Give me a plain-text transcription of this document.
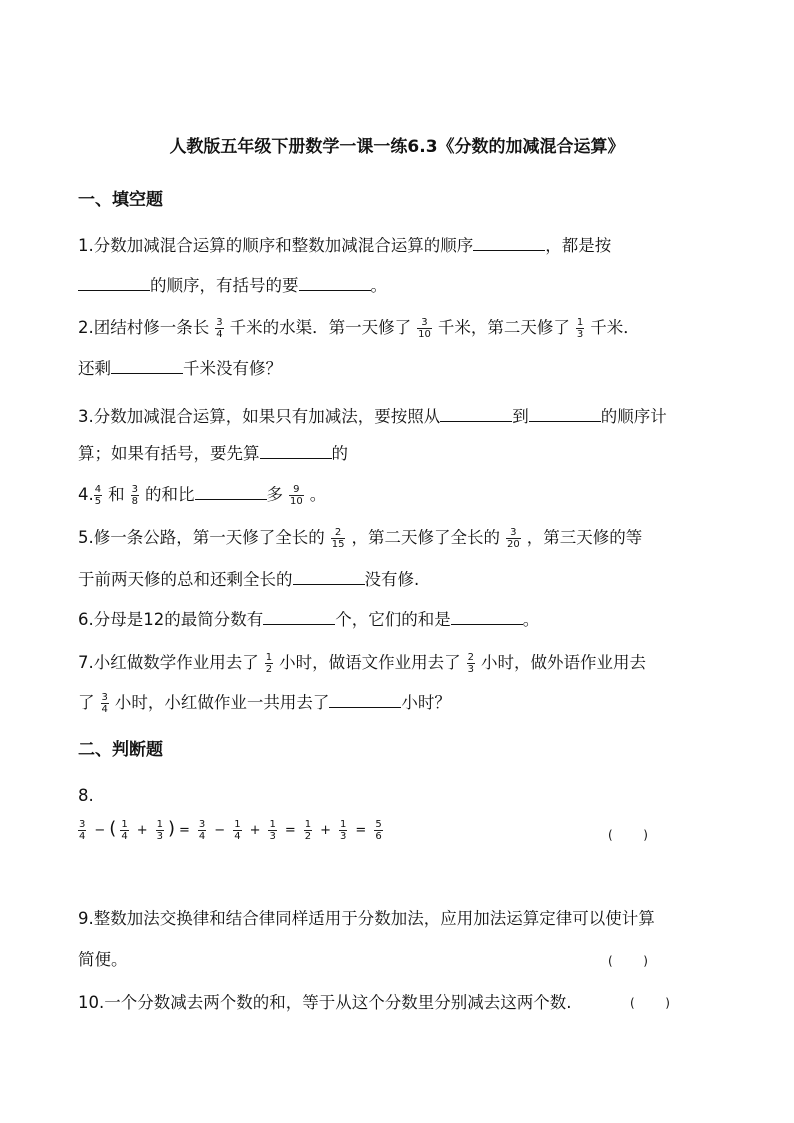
人教版五年级下册数学一课一练6.3《分数的加减混合运算》
一、填空题
1.分数加减混合运算的顺序和整数加减混合运算的顺序	，都是按
的顺序，有括号的要	。
2.团结村修一条长 $\frac{3}{4}$ 千米的水渠．第一天修了 $\frac{3}{10}$ 千米，第二天修了 $\frac{1}{3}$ 千米．
还剩	千米没有修？
3.分数加减混合运算，如果只有加减法，要按照从	到	的顺序计
算；如果有括号，要先算	的
4. $\frac{4}{5}$ 和 $\frac{3}{8}$ 的和比	多 $\frac{9}{10}$ 。
5.修一条公路，第一天修了全长的 $\frac{2}{15}$ ，第二天修了全长的 $\frac{3}{20}$ ，第三天修的等
于前两天修的总和还剩全长的	没有修.
6.分母是12的最简分数有	个，它们的和是	。
7.小红做数学作业用去了 $\frac{1}{2}$ 小时，做语文作业用去了 $\frac{2}{3}$ 小时，做外语作业用去
了 $\frac{3}{4}$ 小时，小红做作业一共用去了	小时？
二、判断题
8.
$\frac{3}{4}$ − ( $\frac{1}{4} + \frac{1}{3}$ ) = $\frac{3}{4} - \frac{1}{4} + \frac{1}{3} = \frac{1}{2} + \frac{1}{3} = \frac{5}{6}$	(        )
9.整数加法交换律和结合律同样适用于分数加法，应用加法运算定律可以使计算
简便。	(        )
10.一个分数减去两个数的和，等于从这个分数里分别减去这两个数.	(        )
